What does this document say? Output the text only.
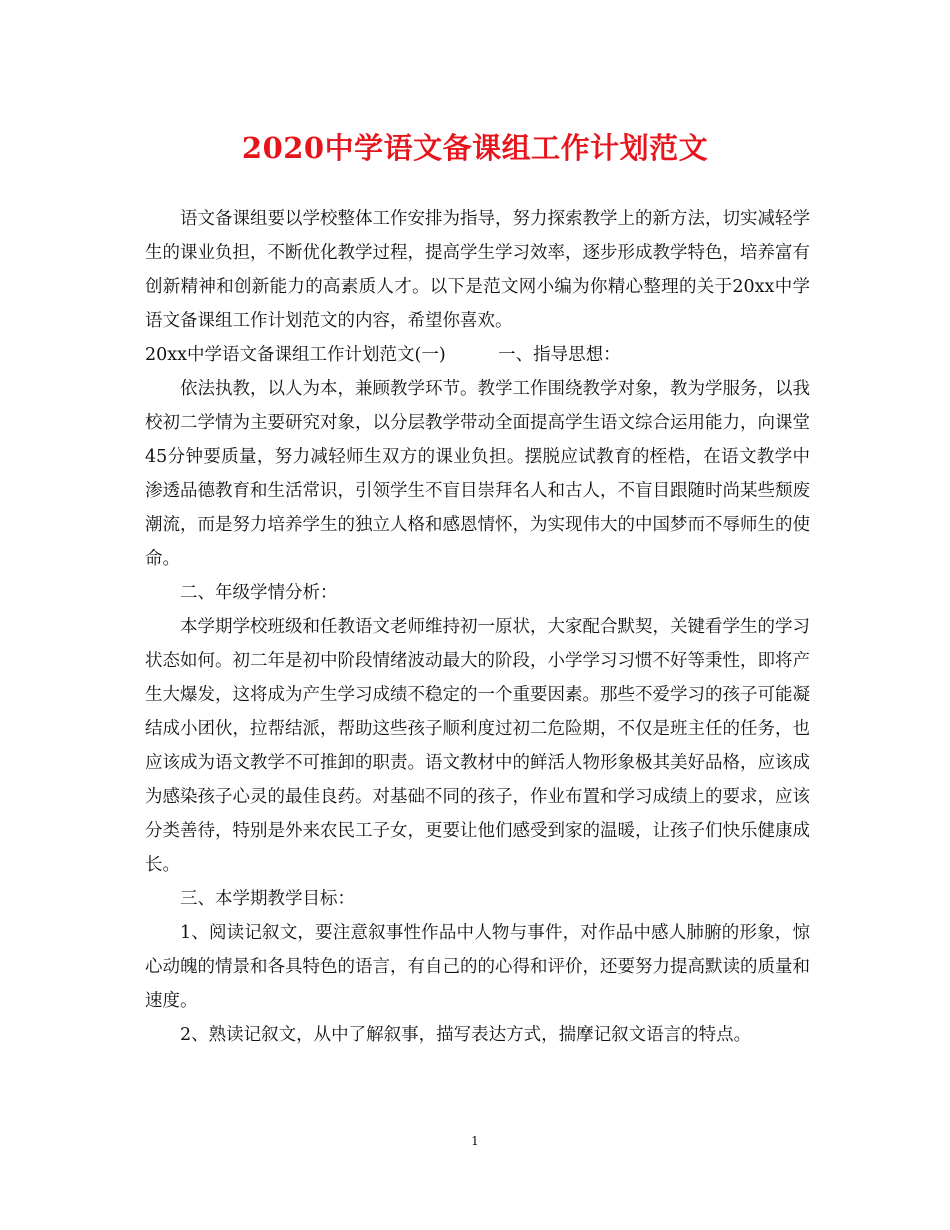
2020中学语文备课组工作计划范文

语文备课组要以学校整体工作安排为指导，努力探索教学上的新方法，切实减轻学生的课业负担，不断优化教学过程，提高学生学习效率，逐步形成教学特色，培养富有创新精神和创新能力的高素质人才。以下是范文网小编为你精心整理的关于20xx中学语文备课组工作计划范文的内容，希望你喜欢。

20xx中学语文备课组工作计划范文(一)　　　一、指导思想：

依法执教，以人为本，兼顾教学环节。教学工作围绕教学对象，教为学服务，以我校初二学情为主要研究对象，以分层教学带动全面提高学生语文综合运用能力，向课堂45分钟要质量，努力减轻师生双方的课业负担。摆脱应试教育的桎梏，在语文教学中渗透品德教育和生活常识，引领学生不盲目崇拜名人和古人，不盲目跟随时尚某些颓废潮流，而是努力培养学生的独立人格和感恩情怀，为实现伟大的中国梦而不辱师生的使命。

二、年级学情分析：

本学期学校班级和任教语文老师维持初一原状，大家配合默契，关键看学生的学习状态如何。初二年是初中阶段情绪波动最大的阶段，小学学习习惯不好等秉性，即将产生大爆发，这将成为产生学习成绩不稳定的一个重要因素。那些不爱学习的孩子可能凝结成小团伙，拉帮结派，帮助这些孩子顺利度过初二危险期，不仅是班主任的任务，也应该成为语文教学不可推卸的职责。语文教材中的鲜活人物形象极其美好品格，应该成为感染孩子心灵的最佳良药。对基础不同的孩子，作业布置和学习成绩上的要求，应该分类善待，特别是外来农民工子女，更要让他们感受到家的温暖，让孩子们快乐健康成长。

三、本学期教学目标：

1、阅读记叙文，要注意叙事性作品中人物与事件，对作品中感人肺腑的形象，惊心动魄的情景和各具特色的语言，有自己的的心得和评价，还要努力提高默读的质量和速度。

2、熟读记叙文，从中了解叙事，描写表达方式，揣摩记叙文语言的特点。

1
